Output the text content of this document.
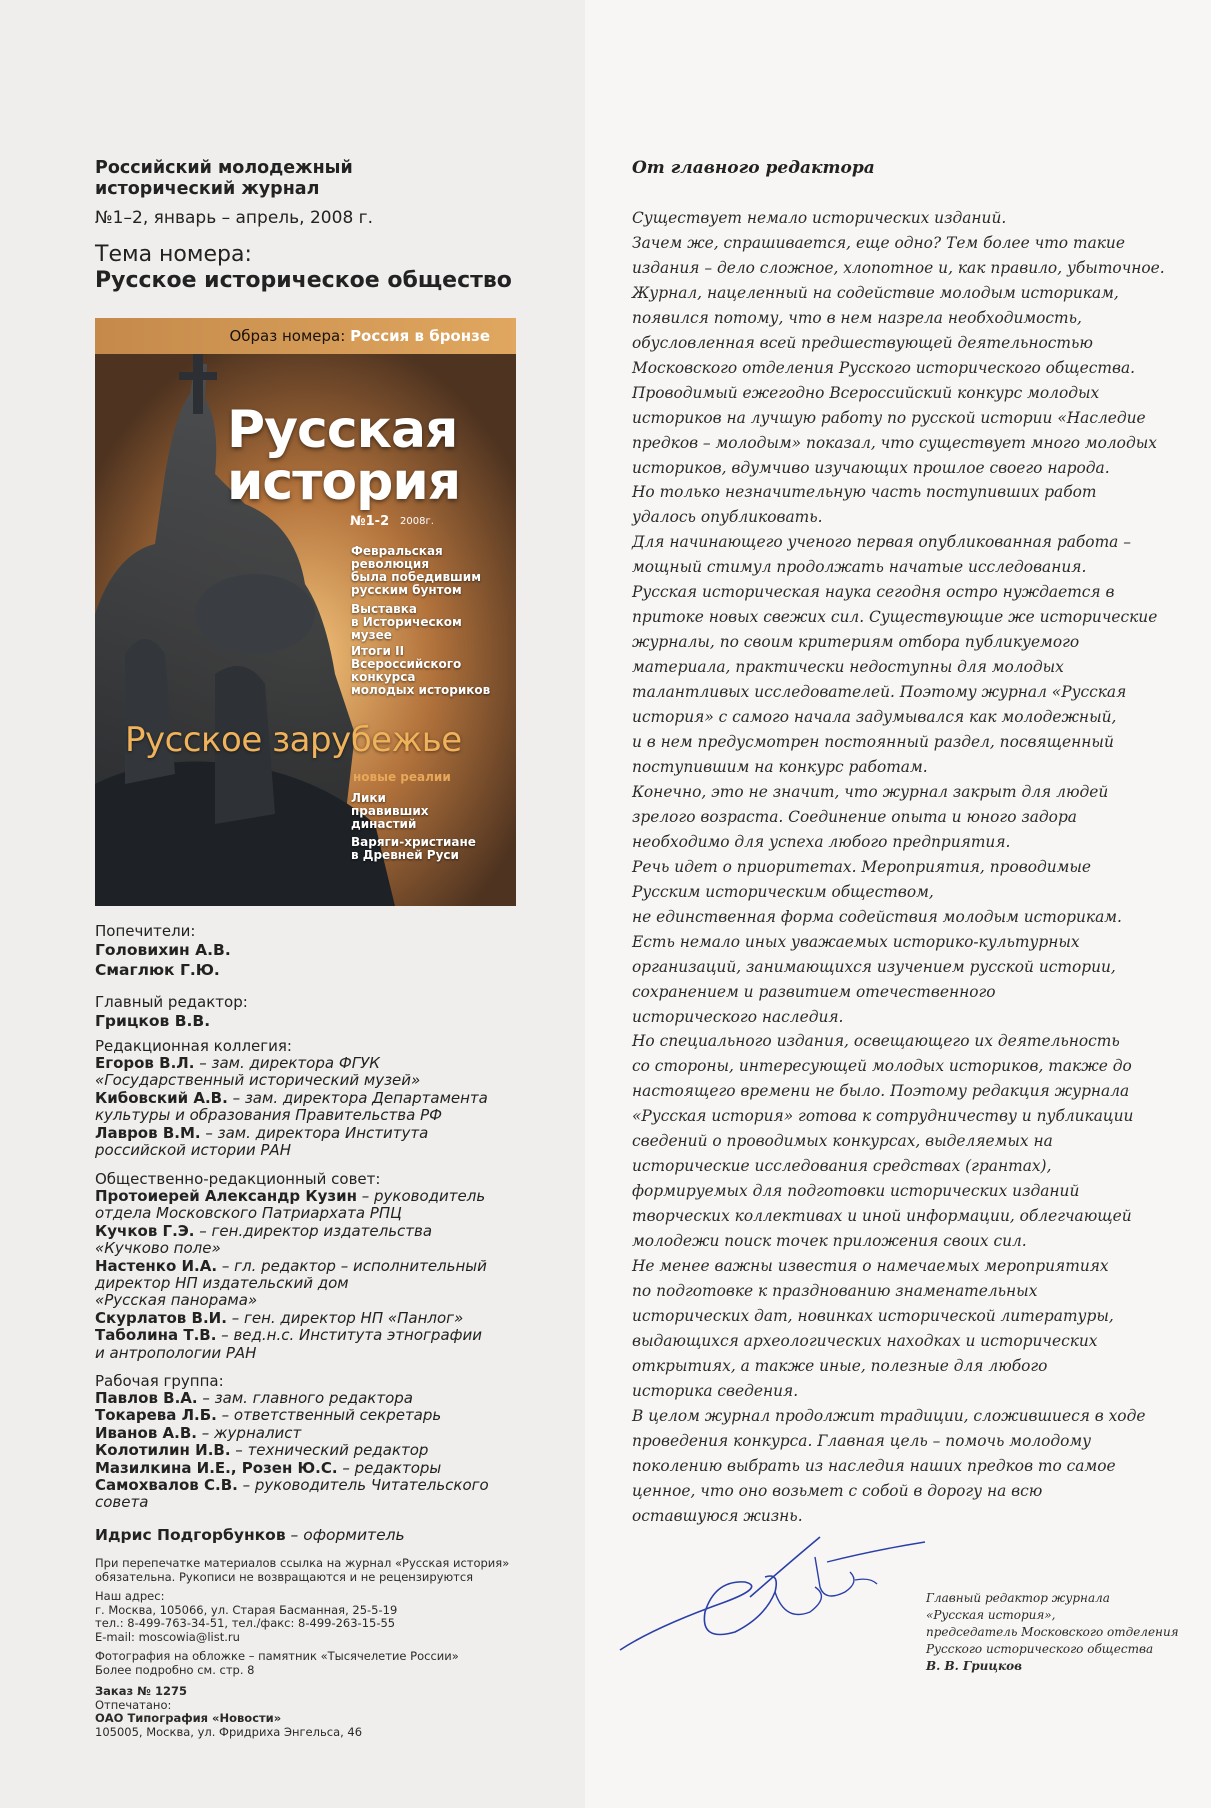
Российский молодежный
исторический журнал
№1–2, январь – апрель, 2008 г.
Тема номера:
Русское историческое общество
Образ номера: Россия в бронзе
Русская
история
№1-2 2008г.
Февральская
революция
была победившим
русским бунтом
Выставка
в Историческом
музее
Итоги II
Всероссийского
конкурса
молодых историков
Русское зарубежье
новые реалии
Лики
правивших
династий
Варяги-христиане
в Древней Руси
Попечители:
Головихин А.В.
Смаглюк Г.Ю.
Главный редактор:
Грицков В.В.
Редакционная коллегия:
Егоров В.Л. – зам. директора ФГУК
«Государственный исторический музей»
Кибовский А.В. – зам. директора Департамента
культуры и образования Правительства РФ
Лавров В.М. – зам. директора Института
российской истории РАН
Общественно-редакционный совет:
Протоиерей Александр Кузин – руководитель
отдела Московского Патриархата РПЦ
Кучков Г.Э. – ген.директор издательства
«Кучково поле»
Настенко И.А. – гл. редактор – исполнительный
директор НП издательский дом
«Русская панорама»
Скурлатов В.И. – ген. директор НП «Панлог»
Таболина Т.В. – вед.н.с. Института этнографии
и антропологии РАН
Рабочая группа:
Павлов В.А. – зам. главного редактора
Токарева Л.Б. – ответственный секретарь
Иванов А.В. – журналист
Колотилин И.В. – технический редактор
Мазилкина И.Е., Розен Ю.С. – редакторы
Самохвалов С.В. – руководитель Читательского
совета
Идрис Подгорбунков – оформитель
При перепечатке материалов ссылка на журнал «Русская история»
обязательна. Рукописи не возвращаются и не рецензируются
Наш адрес:
г. Москва, 105066, ул. Старая Басманная, 25-5-19
тел.: 8-499-763-34-51, тел./факс: 8-499-263-15-55
E-mail: moscowia@list.ru
Фотография на обложке – памятник «Тысячелетие России»
Более подробно см. стр. 8
Заказ № 1275
Отпечатано:
ОАО Типография «Новости»
105005, Москва, ул. Фридриха Энгельса, 46
От главного редактора
Существует немало исторических изданий.
Зачем же, спрашивается, еще одно? Тем более что такие
издания – дело сложное, хлопотное и, как правило, убыточное.
Журнал, нацеленный на содействие молодым историкам,
появился потому, что в нем назрела необходимость,
обусловленная всей предшествующей деятельностью
Московского отделения Русского исторического общества.
Проводимый ежегодно Всероссийский конкурс молодых
историков на лучшую работу по русской истории «Наследие
предков – молодым» показал, что существует много молодых
историков, вдумчиво изучающих прошлое своего народа.
Но только незначительную часть поступивших работ
удалось опубликовать.
Для начинающего ученого первая опубликованная работа –
мощный стимул продолжать начатые исследования.
Русская историческая наука сегодня остро нуждается в
притоке новых свежих сил. Существующие же исторические
журналы, по своим критериям отбора публикуемого
материала, практически недоступны для молодых
талантливых исследователей. Поэтому журнал «Русская
история» с самого начала задумывался как молодежный,
и в нем предусмотрен постоянный раздел, посвященный
поступившим на конкурс работам.
Конечно, это не значит, что журнал закрыт для людей
зрелого возраста. Соединение опыта и юного задора
необходимо для успеха любого предприятия.
Речь идет о приоритетах. Мероприятия, проводимые
Русским историческим обществом,
не единственная форма содействия молодым историкам.
Есть немало иных уважаемых историко-культурных
организаций, занимающихся изучением русской истории,
сохранением и развитием отечественного
исторического наследия.
Но специального издания, освещающего их деятельность
со стороны, интересующей молодых историков, также до
настоящего времени не было. Поэтому редакция журнала
«Русская история» готова к сотрудничеству и публикации
сведений о проводимых конкурсах, выделяемых на
исторические исследования средствах (грантах),
формируемых для подготовки исторических изданий
творческих коллективах и иной информации, облегчающей
молодежи поиск точек приложения своих сил.
Не менее важны известия о намечаемых мероприятиях
по подготовке к празднованию знаменательных
исторических дат, новинках исторической литературы,
выдающихся археологических находках и исторических
открытиях, а также иные, полезные для любого
историка сведения.
В целом журнал продолжит традиции, сложившиеся в ходе
проведения конкурса. Главная цель – помочь молодому
поколению выбрать из наследия наших предков то самое
ценное, что оно возьмет с собой в дорогу на всю
оставшуюся жизнь.
Главный редактор журнала
«Русская история»,
председатель Московского отделения
Русского исторического общества
В. В. Грицков
